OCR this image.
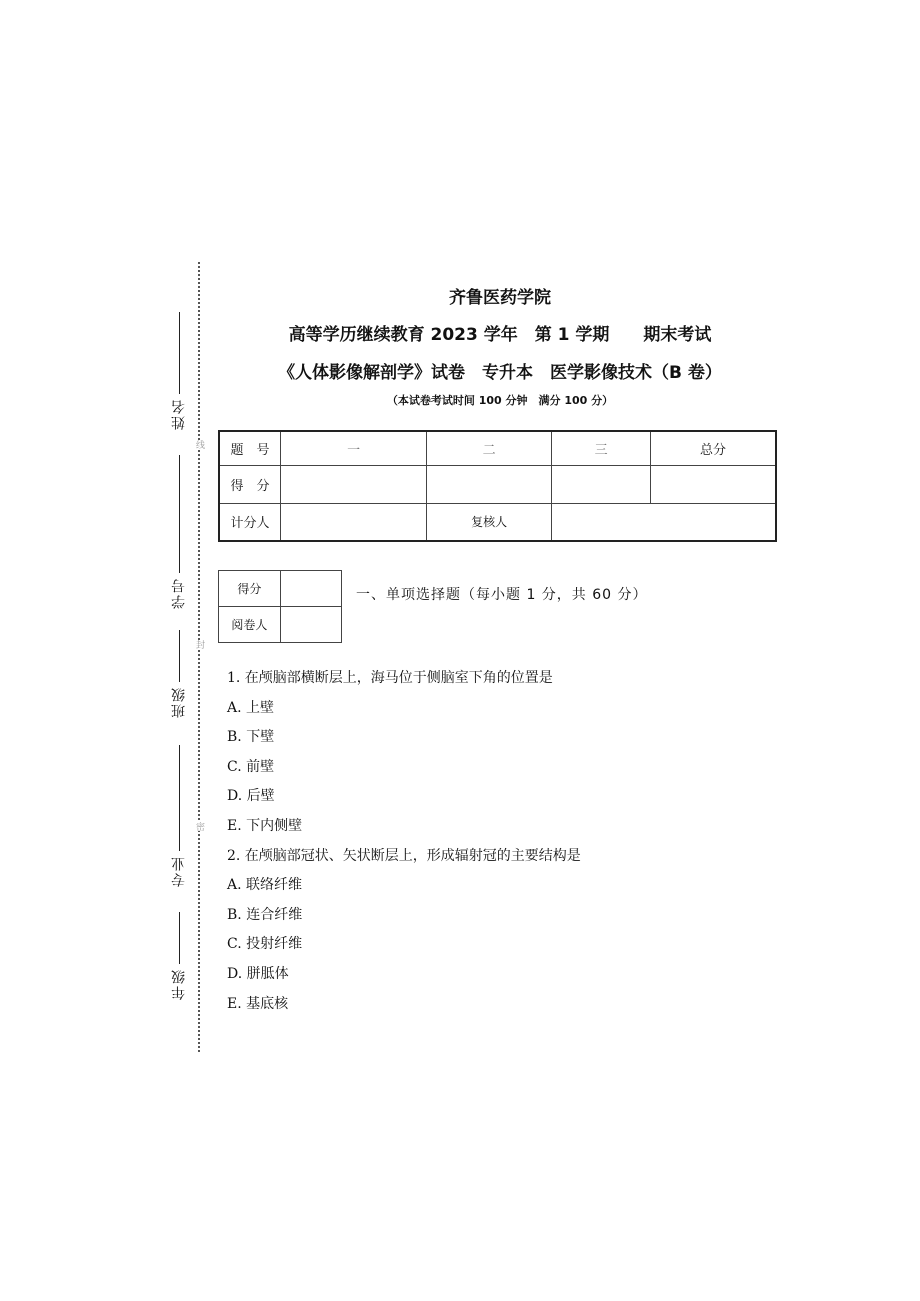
姓名
学号
班级
专业
年级
线
封
密
齐鲁医药学院
高等学历继续教育 2023 学年　第 1 学期　　期末考试
《人体影像解剖学》试卷　专升本　医学影像技术（B 卷）
（本试卷考试时间 100 分钟　满分 100 分）
题　号	一	二	三	总分
得　分				
计分人		复核人		
得分	
阅卷人	
一、单项选择题（每小题 1 分，共 60 分）
1. 在颅脑部横断层上，海马位于侧脑室下角的位置是
A. 上壁
B. 下壁
C. 前壁
D. 后壁
E. 下内侧壁
2. 在颅脑部冠状、矢状断层上，形成辐射冠的主要结构是
A. 联络纤维
B. 连合纤维
C. 投射纤维
D. 胼胝体
E. 基底核
